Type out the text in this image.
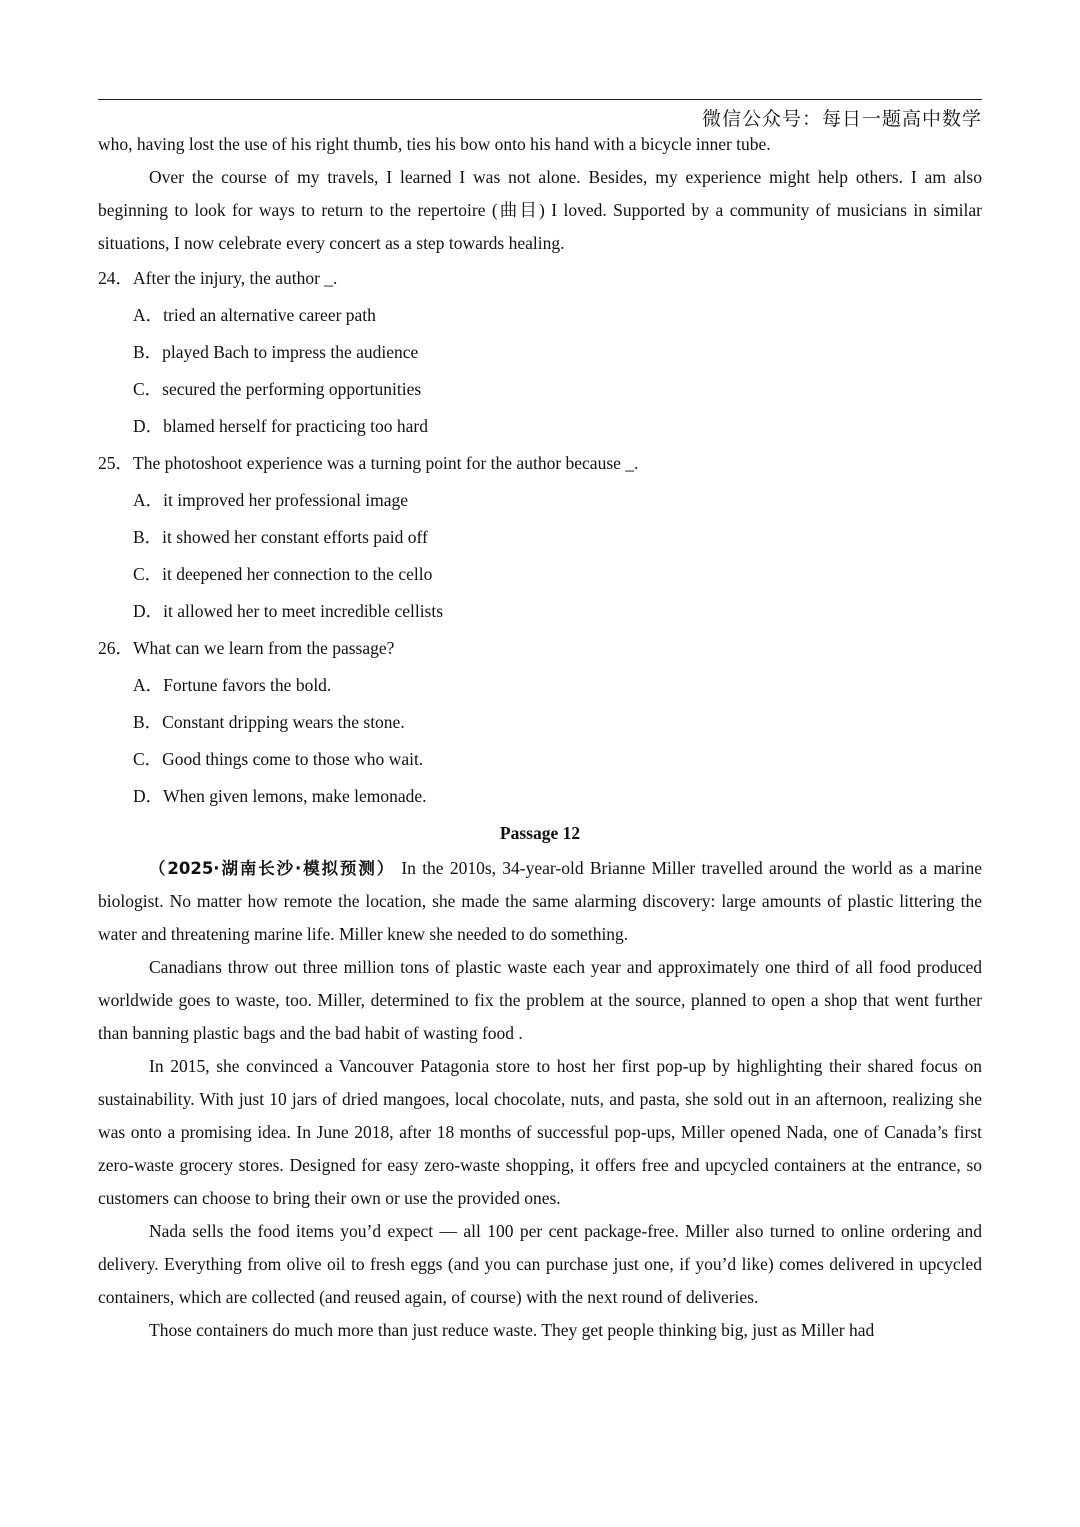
微信公众号：每日一题高中数学

who, having lost the use of his right thumb, ties his bow onto his hand with a bicycle inner tube.

Over the course of my travels, I learned I was not alone. Besides, my experience might help others. I am also beginning to look for ways to return to the repertoire (曲目) I loved. Supported by a community of musicians in similar situations, I now celebrate every concert as a step towards healing.

24．After the injury, the author _.

A．tried an alternative career path

B．played Bach to impress the audience

C．secured the performing opportunities

D．blamed herself for practicing too hard

25．The photoshoot experience was a turning point for the author because _.

A．it improved her professional image

B．it showed her constant efforts paid off

C．it deepened her connection to the cello

D．it allowed her to meet incredible cellists

26．What can we learn from the passage?

A．Fortune favors the bold.

B．Constant dripping wears the stone.

C．Good things come to those who wait.

D．When given lemons, make lemonade.

Passage 12

（2025·湖南长沙·模拟预测） In the 2010s, 34-year-old Brianne Miller travelled around the world as a marine biologist. No matter how remote the location, she made the same alarming discovery: large amounts of plastic littering the water and threatening marine life. Miller knew she needed to do something.

Canadians throw out three million tons of plastic waste each year and approximately one third of all food produced worldwide goes to waste, too. Miller, determined to fix the problem at the source, planned to open a shop that went further than banning plastic bags and the bad habit of wasting food .

In 2015, she convinced a Vancouver Patagonia store to host her first pop-up by highlighting their shared focus on sustainability. With just 10 jars of dried mangoes, local chocolate, nuts, and pasta, she sold out in an afternoon, realizing she was onto a promising idea. In June 2018, after 18 months of successful pop-ups, Miller opened Nada, one of Canada’s first zero-waste grocery stores. Designed for easy zero-waste shopping, it offers free and upcycled containers at the entrance, so customers can choose to bring their own or use the provided ones.

Nada sells the food items you’d expect — all 100 per cent package-free. Miller also turned to online ordering and delivery. Everything from olive oil to fresh eggs (and you can purchase just one, if you’d like) comes delivered in upcycled containers, which are collected (and reused again, of course) with the next round of deliveries.

Those containers do much more than just reduce waste. They get people thinking big, just as Miller had
